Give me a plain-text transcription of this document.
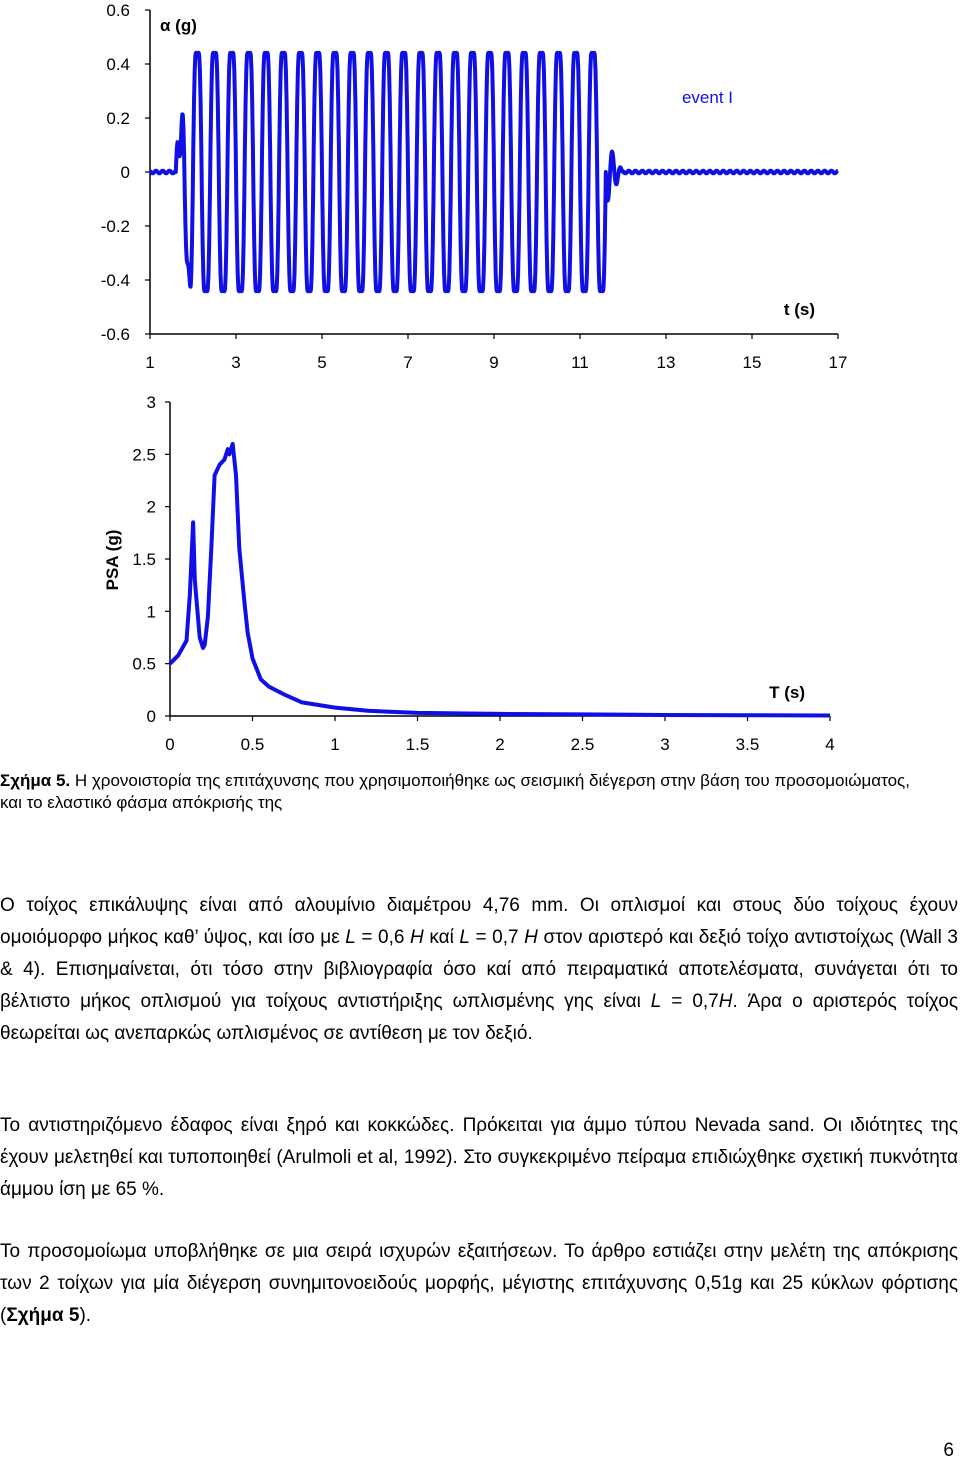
0.6
0.4
0.2
0
-0.2
-0.4
-0.6
1	3	5	7	9	11	13	15	17
α (g)
t (s)
event I
3
2.5
2
1.5
1
0.5
0
0	0.5	1	1.5	2	2.5	3	3.5	4
PSA (g)
T (s)
Σχήμα 5. Η χρονοιστορία της επιτάχυνσης που χρησιμοποιήθηκε ως σεισμική διέγερση στην βάση του προσομοιώματος, και το ελαστικό φάσμα απόκρισής της
Ο τοίχος επικάλυψης είναι από αλουμίνιο διαμέτρου 4,76 mm. Οι οπλισμοί και στους δύο τοίχους έχουν ομοιόμορφο μήκος καθ’ ύψος, και ίσο με L = 0,6 H καί L = 0,7 H στον αριστερό και δεξιό τοίχο αντιστοίχως (Wall 3 & 4). Επισημαίνεται, ότι τόσο στην βιβλιογραφία όσο καί από πειραματικά αποτελέσματα, συνάγεται ότι το βέλτιστο μήκος οπλισμού για τοίχους αντιστήριξης ωπλισμένης γης είναι L = 0,7H. Άρα ο αριστερός τοίχος θεωρείται ως ανεπαρκώς ωπλισμένος σε αντίθεση με τον δεξιό.
Το αντιστηριζόμενο έδαφος είναι ξηρό και κοκκώδες. Πρόκειται για άμμο τύπου Nevada sand. Οι ιδιότητες της έχουν μελετηθεί και τυποποιηθεί (Arulmoli et al, 1992). Στο συγκεκριμένο πείραμα επιδιώχθηκε σχετική πυκνότητα άμμου ίση με 65 %.
Το προσομοίωμα υποβλήθηκε σε μια σειρά ισχυρών εξαιτήσεων. Το άρθρο εστιάζει στην μελέτη της απόκρισης των 2 τοίχων για μία διέγερση συνημιτονοειδούς μορφής, μέγιστης επιτάχυνσης 0,51g και 25 κύκλων φόρτισης (Σχήμα 5).
6
